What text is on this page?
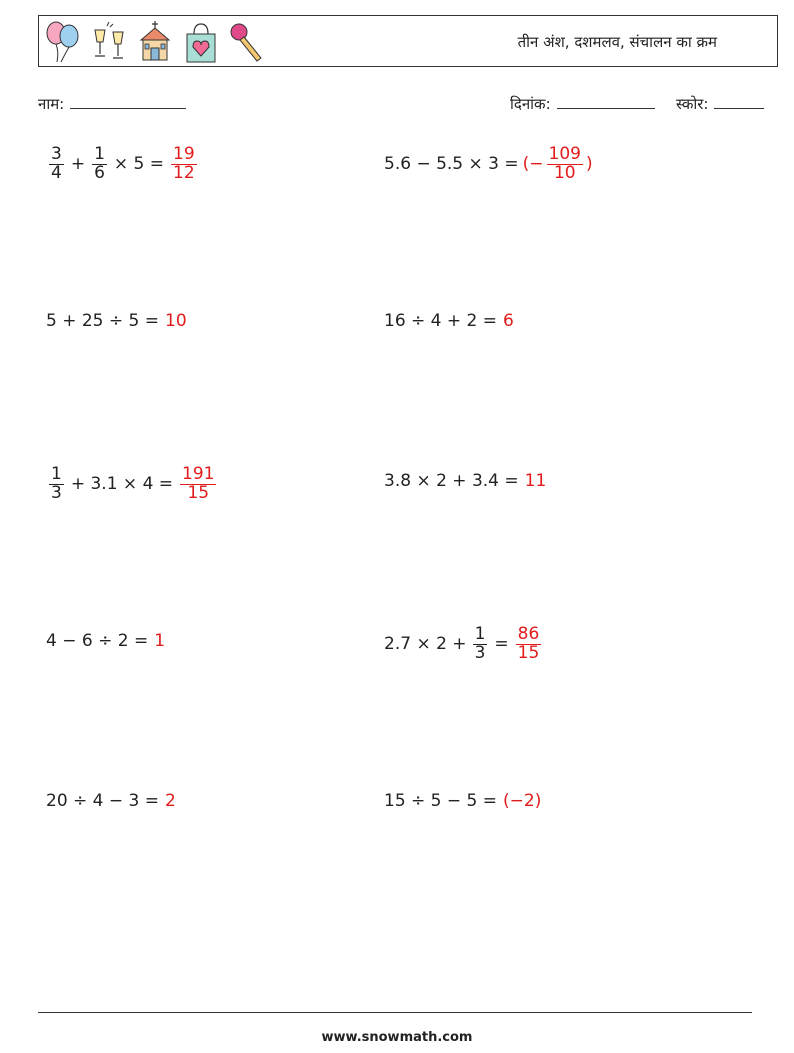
तीन अंश, दशमलव, संचालन का क्रम
नाम:	दिनांक:	स्कोर:
$\frac{3}{4} + \frac{1}{6} \times 5 = \frac{19}{12}$	5.6 − 5.5 × 3 = (− $\frac{109}{10}$ )
5 + 25 ÷ 5 = 10	16 ÷ 4 + 2 = 6
$\frac{1}{3} + 3.1 \times 4 = \frac{191}{15}$	3.8 × 2 + 3.4 = 11
4 − 6 ÷ 2 = 1	$2.7 \times 2 + \frac{1}{3} = \frac{86}{15}$
20 ÷ 4 − 3 = 2	15 ÷ 5 − 5 = (−2)
www.snowmath.com
